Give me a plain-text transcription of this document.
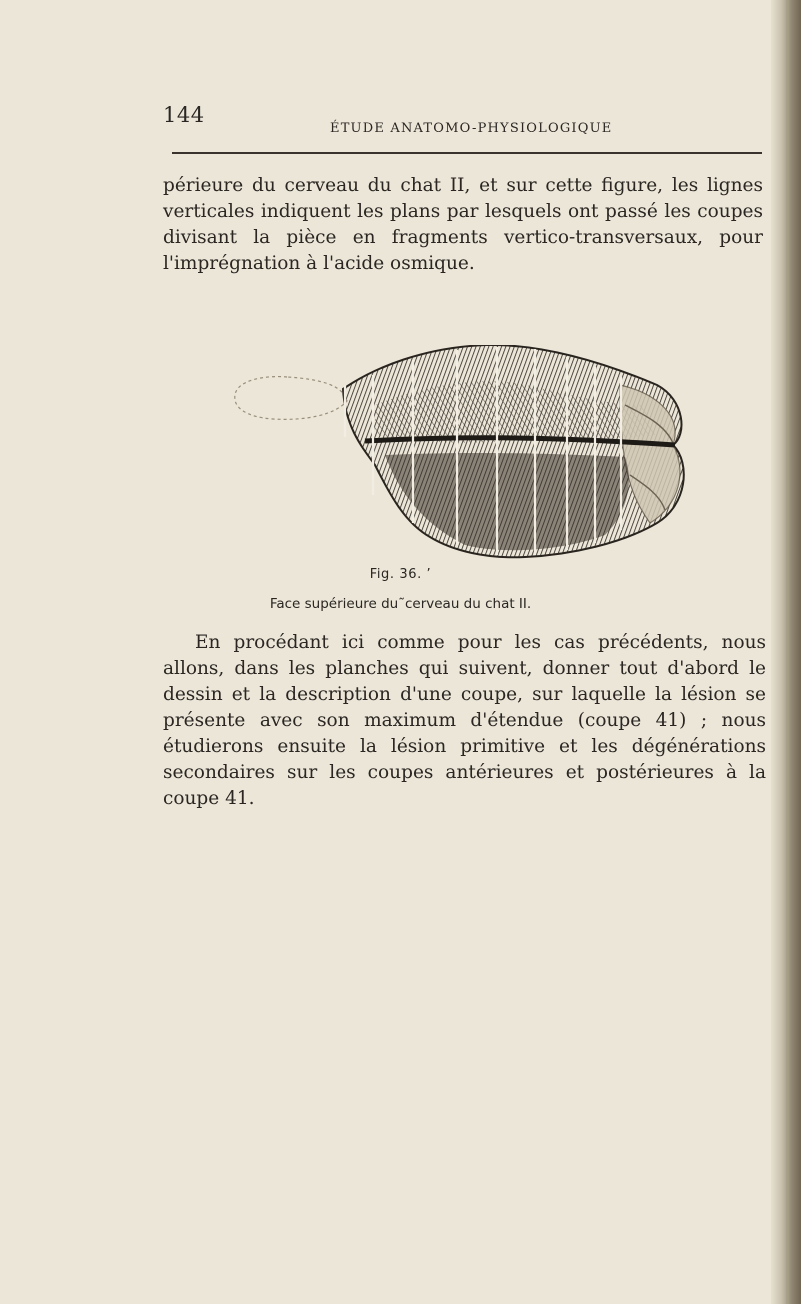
144
ÉTUDE ANATOMO-PHYSIOLOGIQUE

périeure du cerveau du chat II, et sur cette figure, les lignes verticales indiquent les plans par lesquels ont passé les coupes divisant la pièce en fragments vertico-transversaux, pour l'imprégnation à l'acide osmique.

Fig. 36. ’
Face supérieure du˜cerveau du chat II.

En procédant ici comme pour les cas précédents, nous allons, dans les planches qui suivent, donner tout d'abord le dessin et la description d'une coupe, sur laquelle la lésion se présente avec son maximum d'étendue (coupe 41) ; nous étudierons ensuite la lésion primitive et les dégénérations secondaires sur les coupes antérieures et postérieures à la coupe 41.
